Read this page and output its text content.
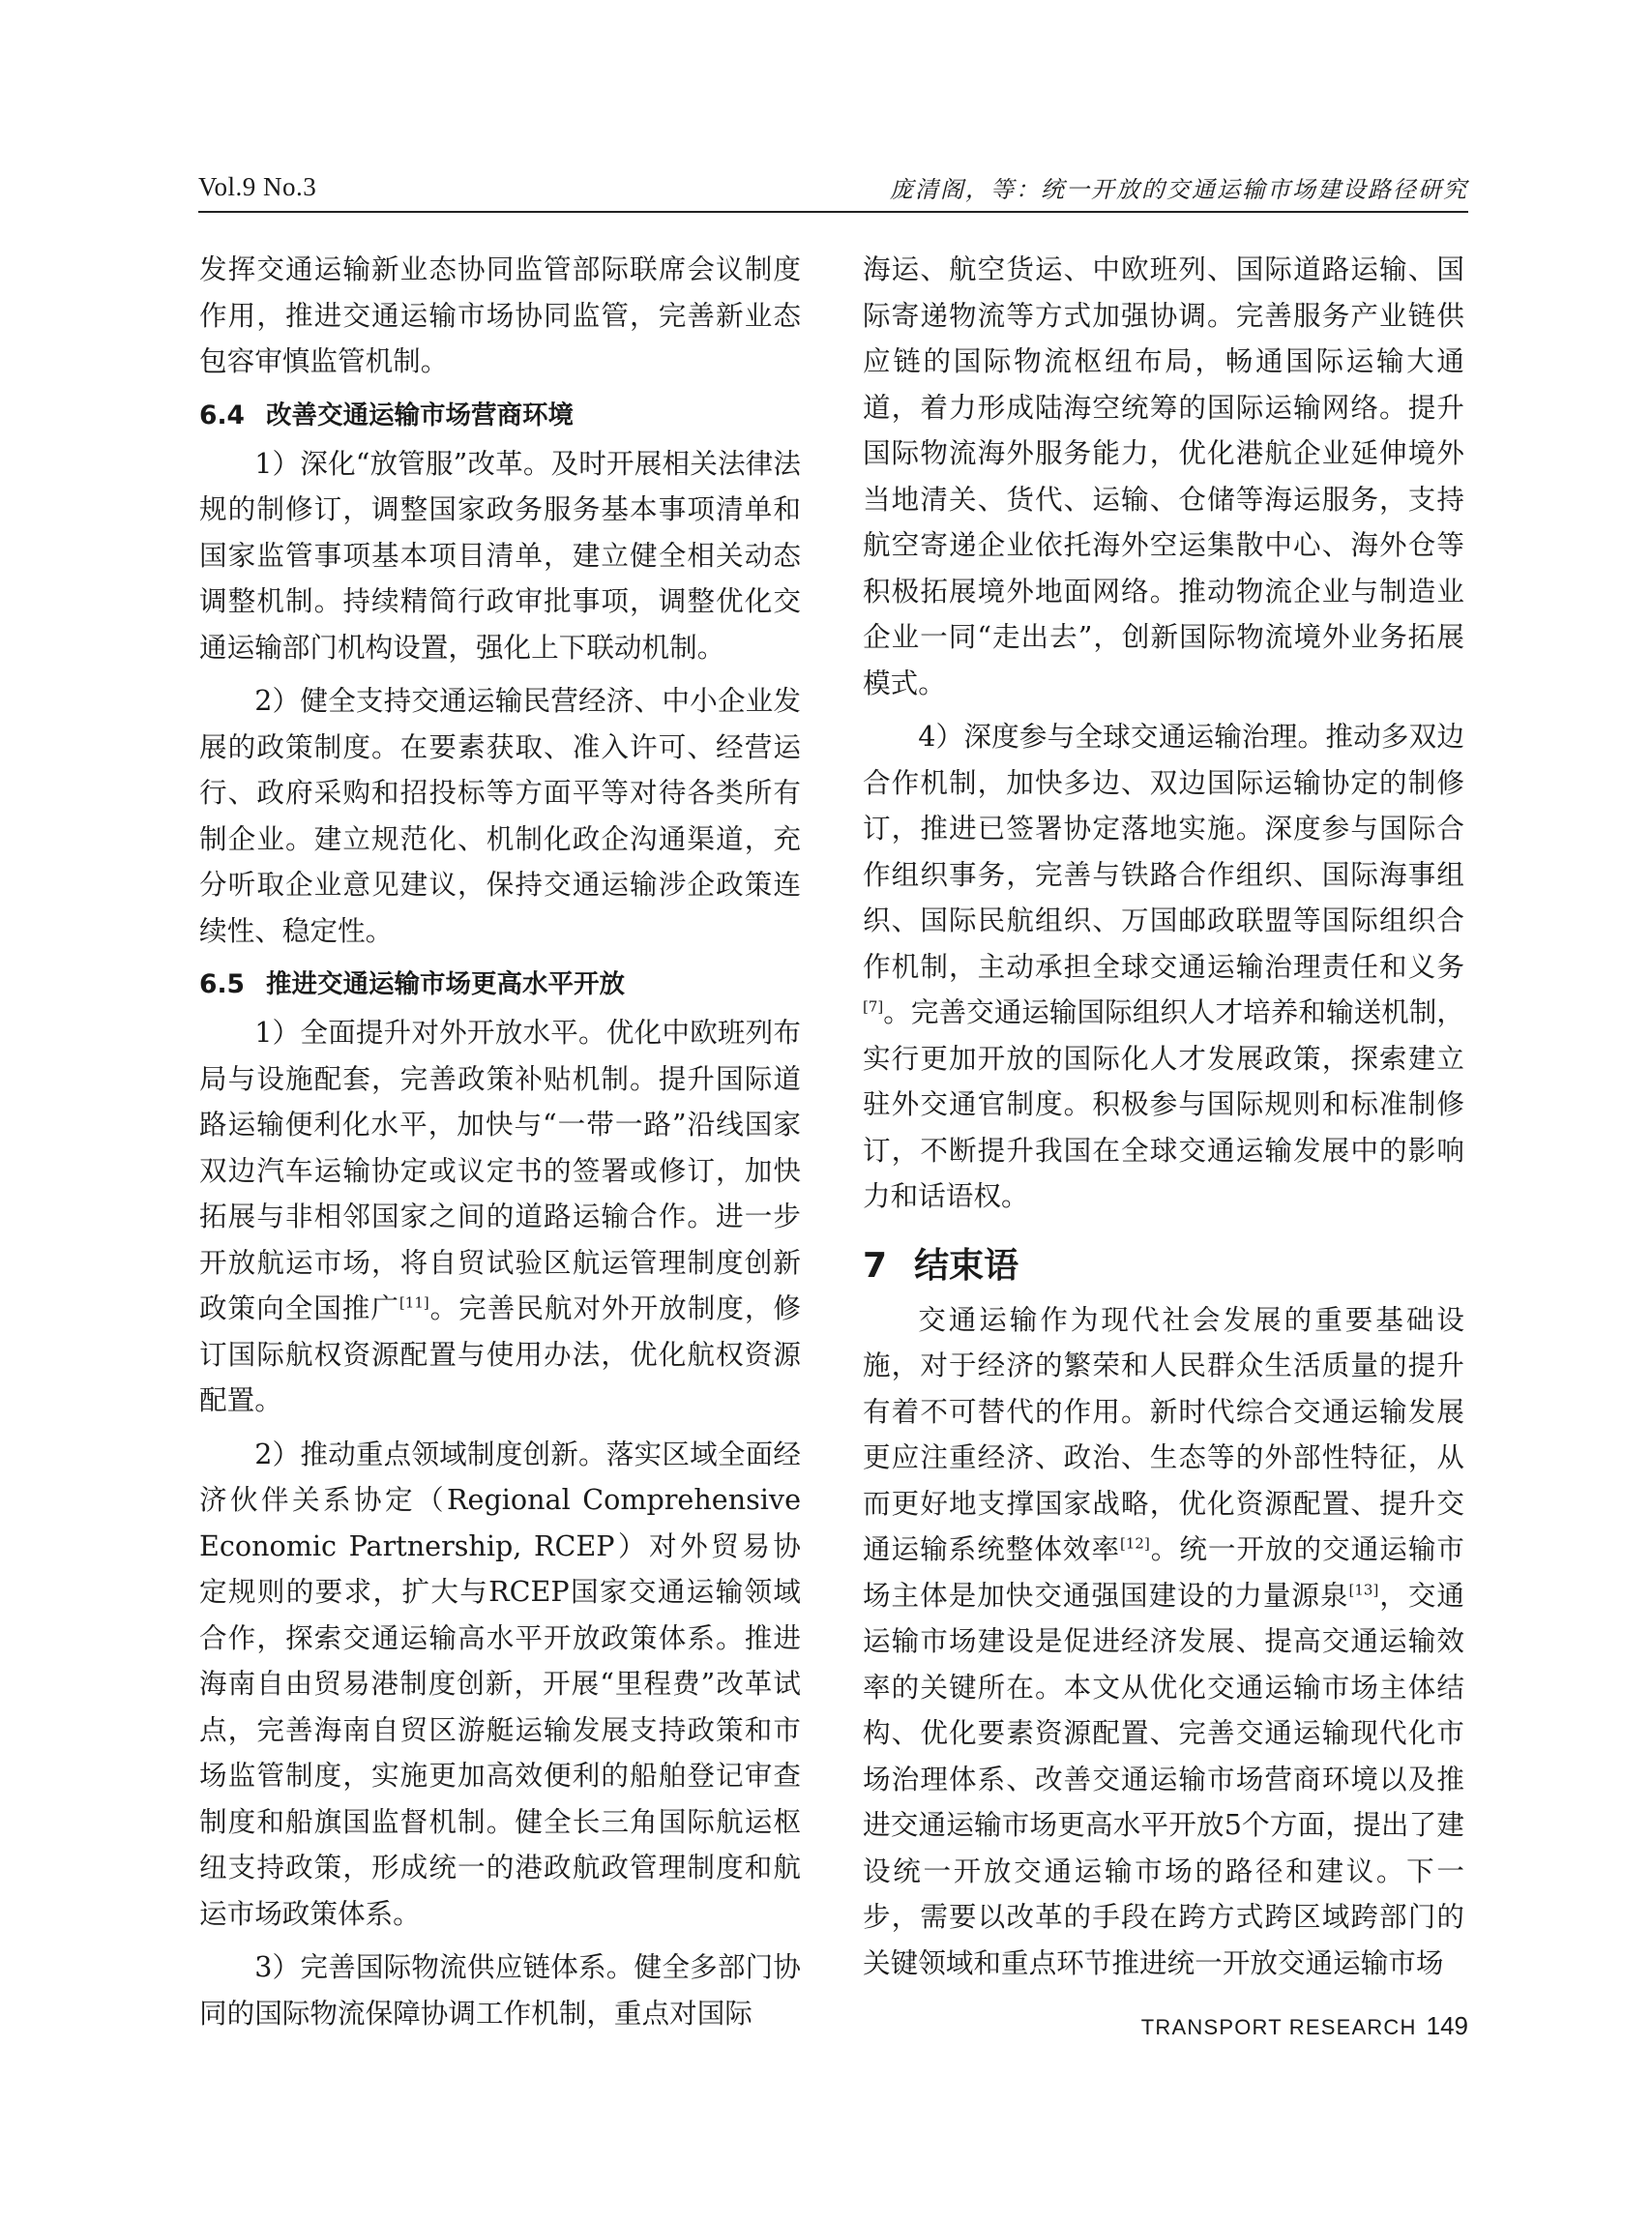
Vol.9 No.3	庞清阁，等：统一开放的交通运输市场建设路径研究

发挥交通运输新业态协同监管部际联席会议制度作用，推进交通运输市场协同监管，完善新业态包容审慎监管机制。

6.4 改善交通运输市场营商环境

1）深化“放管服”改革。及时开展相关法律法规的制修订，调整国家政务服务基本事项清单和国家监管事项基本项目清单，建立健全相关动态调整机制。持续精简行政审批事项，调整优化交通运输部门机构设置，强化上下联动机制。

2）健全支持交通运输民营经济、中小企业发展的政策制度。在要素获取、准入许可、经营运行、政府采购和招投标等方面平等对待各类所有制企业。建立规范化、机制化政企沟通渠道，充分听取企业意见建议，保持交通运输涉企政策连续性、稳定性。

6.5 推进交通运输市场更高水平开放

1）全面提升对外开放水平。优化中欧班列布局与设施配套，完善政策补贴机制。提升国际道路运输便利化水平，加快与“一带一路”沿线国家双边汽车运输协定或议定书的签署或修订，加快拓展与非相邻国家之间的道路运输合作。进一步开放航运市场，将自贸试验区航运管理制度创新政策向全国推广[11]。完善民航对外开放制度，修订国际航权资源配置与使用办法，优化航权资源配置。

2）推动重点领域制度创新。落实区域全面经济伙伴关系协定（Regional Comprehensive Economic Partnership, RCEP）对外贸易协定规则的要求，扩大与RCEP国家交通运输领域合作，探索交通运输高水平开放政策体系。推进海南自由贸易港制度创新，开展“里程费”改革试点，完善海南自贸区游艇运输发展支持政策和市场监管制度，实施更加高效便利的船舶登记审查制度和船旗国监督机制。健全长三角国际航运枢纽支持政策，形成统一的港政航政管理制度和航运市场政策体系。

3）完善国际物流供应链体系。健全多部门协同的国际物流保障协调工作机制，重点对国际

海运、航空货运、中欧班列、国际道路运输、国际寄递物流等方式加强协调。完善服务产业链供应链的国际物流枢纽布局，畅通国际运输大通道，着力形成陆海空统筹的国际运输网络。提升国际物流海外服务能力，优化港航企业延伸境外当地清关、货代、运输、仓储等海运服务，支持航空寄递企业依托海外空运集散中心、海外仓等积极拓展境外地面网络。推动物流企业与制造业企业一同“走出去”，创新国际物流境外业务拓展模式。

4）深度参与全球交通运输治理。推动多双边合作机制，加快多边、双边国际运输协定的制修订，推进已签署协定落地实施。深度参与国际合作组织事务，完善与铁路合作组织、国际海事组织、国际民航组织、万国邮政联盟等国际组织合作机制，主动承担全球交通运输治理责任和义务[7]。完善交通运输国际组织人才培养和输送机制，实行更加开放的国际化人才发展政策，探索建立驻外交通官制度。积极参与国际规则和标准制修订，不断提升我国在全球交通运输发展中的影响力和话语权。

7 结束语

交通运输作为现代社会发展的重要基础设施，对于经济的繁荣和人民群众生活质量的提升有着不可替代的作用。新时代综合交通运输发展更应注重经济、政治、生态等的外部性特征，从而更好地支撑国家战略，优化资源配置、提升交通运输系统整体效率[12]。统一开放的交通运输市场主体是加快交通强国建设的力量源泉[13]，交通运输市场建设是促进经济发展、提高交通运输效率的关键所在。本文从优化交通运输市场主体结构、优化要素资源配置、完善交通运输现代化市场治理体系、改善交通运输市场营商环境以及推进交通运输市场更高水平开放5个方面，提出了建设统一开放交通运输市场的路径和建议。下一步，需要以改革的手段在跨方式跨区域跨部门的关键领域和重点环节推进统一开放交通运输市场

TRANSPORT RESEARCH 149
